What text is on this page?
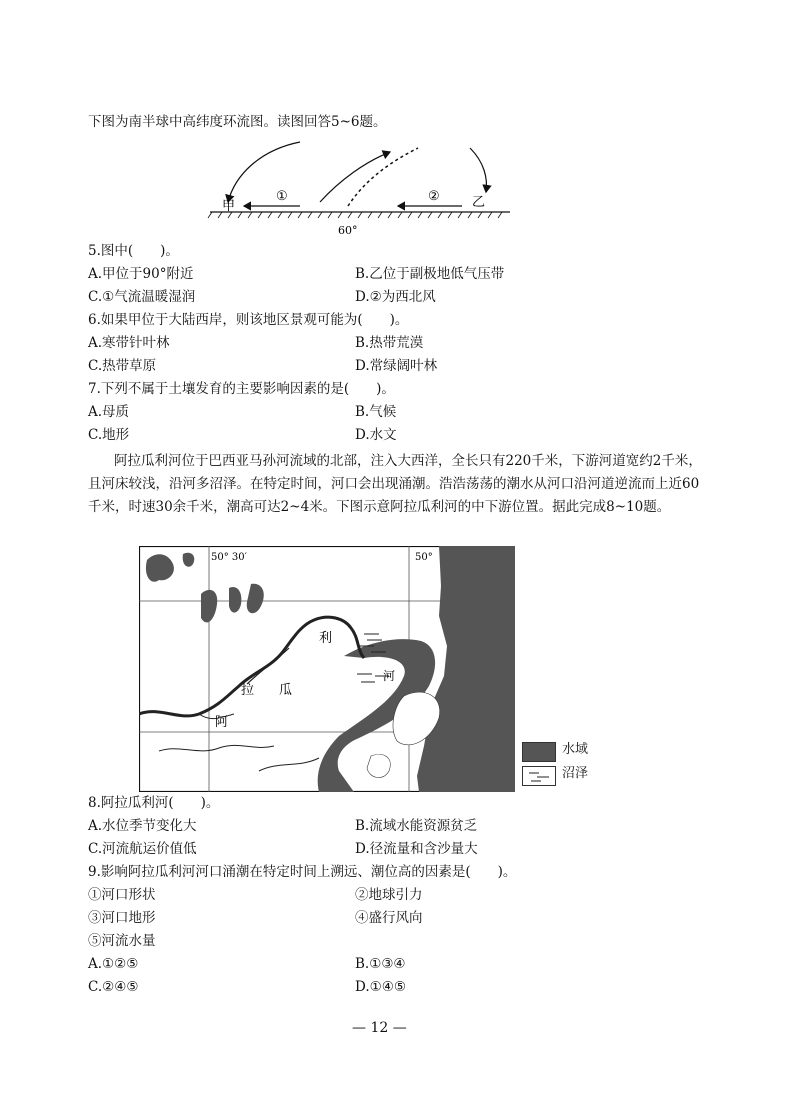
下图为南半球中高纬度环流图。读图回答5~6题。
甲
①	② 乙
60°
5.图中(　　)。
A.甲位于90°附近	B.乙位于副极地低气压带
C.①气流温暖湿润	D.②为西北风
6.如果甲位于大陆西岸，则该地区景观可能为(　　)。
A.寒带针叶林	B.热带荒漠
C.热带草原	D.常绿阔叶林
7.下列不属于土壤发育的主要影响因素的是(　　)。
A.母质	B.气候
C.地形	D.水文
阿拉瓜利河位于巴西亚马孙河流域的北部，注入大西洋，全长只有220千米，下游河道宽约2千米，且河床较浅，沿河多沼泽。在特定时间，河口会出现涌潮。浩浩荡荡的潮水从河口沿河道逆流而上近60千米，时速30余千米，潮高可达2~4米。下图示意阿拉瓜利河的中下游位置。据此完成8~10题。
50° 30′	50°
利
拉 瓜
河
阿
水域
沼泽
8.阿拉瓜利河(　　)。
A.水位季节变化大	B.流域水能资源贫乏
C.河流航运价值低	D.径流量和含沙量大
9.影响阿拉瓜利河河口涌潮在特定时间上溯远、潮位高的因素是(　　)。
①河口形状	②地球引力
③河口地形	④盛行风向
⑤河流水量
A.①②⑤	B.①③④
C.②④⑤	D.①④⑤
— 12 —
